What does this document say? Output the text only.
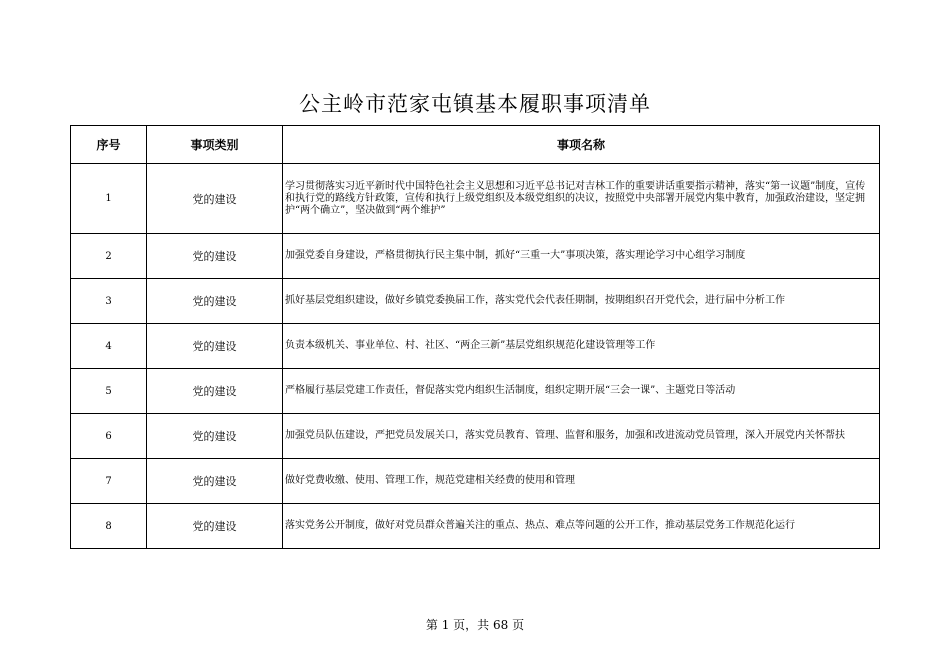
公主岭市范家屯镇基本履职事项清单
序号	事项类别	事项名称
1	党的建设	学习贯彻落实习近平新时代中国特色社会主义思想和习近平总书记对吉林工作的重要讲话重要指示精神，落实“第一议题”制度，宣传和执行党的路线方针政策，宣传和执行上级党组织及本级党组织的决议，按照党中央部署开展党内集中教育，加强政治建设，坚定拥护“两个确立”，坚决做到“两个维护”
2	党的建设	加强党委自身建设，严格贯彻执行民主集中制，抓好“三重一大”事项决策，落实理论学习中心组学习制度
3	党的建设	抓好基层党组织建设，做好乡镇党委换届工作，落实党代会代表任期制，按期组织召开党代会，进行届中分析工作
4	党的建设	负责本级机关、事业单位、村、社区、“两企三新”基层党组织规范化建设管理等工作
5	党的建设	严格履行基层党建工作责任，督促落实党内组织生活制度，组织定期开展“三会一课”、主题党日等活动
6	党的建设	加强党员队伍建设，严把党员发展关口，落实党员教育、管理、监督和服务，加强和改进流动党员管理，深入开展党内关怀帮扶
7	党的建设	做好党费收缴、使用、管理工作，规范党建相关经费的使用和管理
8	党的建设	落实党务公开制度，做好对党员群众普遍关注的重点、热点、难点等问题的公开工作，推动基层党务工作规范化运行
第 1 页，共 68 页
